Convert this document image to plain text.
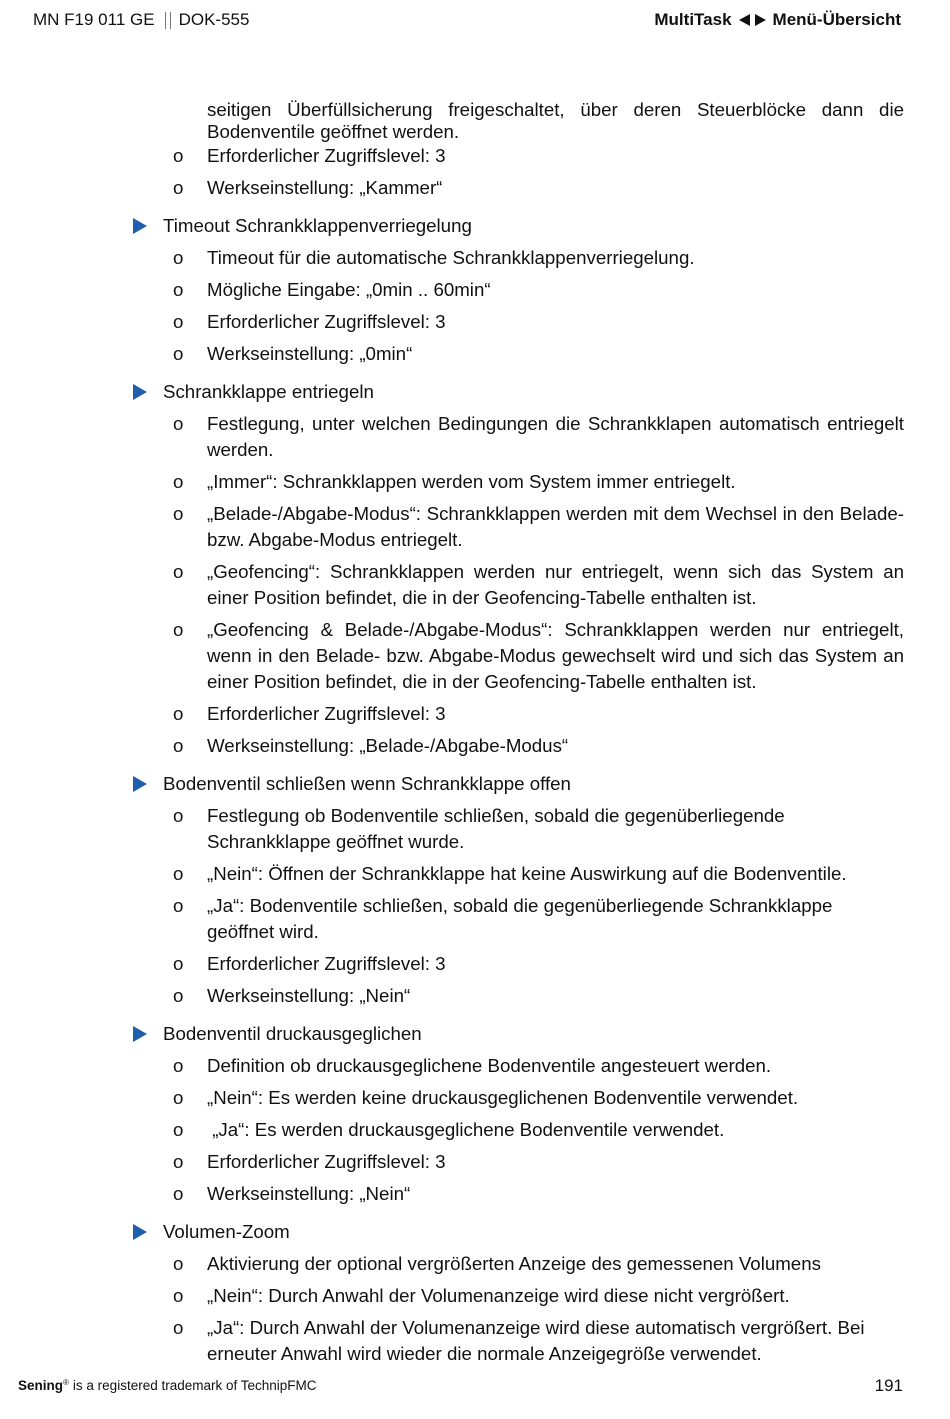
MN F19 011 GE DOK-555	MultiTask Menü-Übersicht
seitigen Überfüllsicherung freigeschaltet, über deren Steuerblöcke dann die
Bodenventile geöffnet werden.
o Erforderlicher Zugriffslevel: 3
o Werkseinstellung: „Kammer“
Timeout Schrankklappenverriegelung
o Timeout für die automatische Schrankklappenverriegelung.
o Mögliche Eingabe: „0min .. 60min“
o Erforderlicher Zugriffslevel: 3
o Werkseinstellung: „0min“
Schrankklappe entriegeln
o Festlegung, unter welchen Bedingungen die Schrankklapen automatisch entriegelt
werden.
o „Immer“: Schrankklappen werden vom System immer entriegelt.
o „Belade-/Abgabe-Modus“: Schrankklappen werden mit dem Wechsel in den Belade-
bzw. Abgabe-Modus entriegelt.
o „Geofencing“: Schrankklappen werden nur entriegelt, wenn sich das System an
einer Position befindet, die in der Geofencing-Tabelle enthalten ist.
o „Geofencing & Belade-/Abgabe-Modus“: Schrankklappen werden nur entriegelt,
wenn in den Belade- bzw. Abgabe-Modus gewechselt wird und sich das System an
einer Position befindet, die in der Geofencing-Tabelle enthalten ist.
o Erforderlicher Zugriffslevel: 3
o Werkseinstellung: „Belade-/Abgabe-Modus“
Bodenventil schließen wenn Schrankklappe offen
o Festlegung ob Bodenventile schließen, sobald die gegenüberliegende
Schrankklappe geöffnet wurde.
o „Nein“: Öffnen der Schrankklappe hat keine Auswirkung auf die Bodenventile.
o „Ja“: Bodenventile schließen, sobald die gegenüberliegende Schrankklappe
geöffnet wird.
o Erforderlicher Zugriffslevel: 3
o Werkseinstellung: „Nein“
Bodenventil druckausgeglichen
o Definition ob druckausgeglichene Bodenventile angesteuert werden.
o „Nein“: Es werden keine druckausgeglichenen Bodenventile verwendet.
o „Ja“: Es werden druckausgeglichene Bodenventile verwendet.
o Erforderlicher Zugriffslevel: 3
o Werkseinstellung: „Nein“
Volumen-Zoom
o Aktivierung der optional vergrößerten Anzeige des gemessenen Volumens
o „Nein“: Durch Anwahl der Volumenanzeige wird diese nicht vergrößert.
o „Ja“: Durch Anwahl der Volumenanzeige wird diese automatisch vergrößert. Bei
erneuter Anwahl wird wieder die normale Anzeigegröße verwendet.
Sening® is a registered trademark of TechnipFMC	191
